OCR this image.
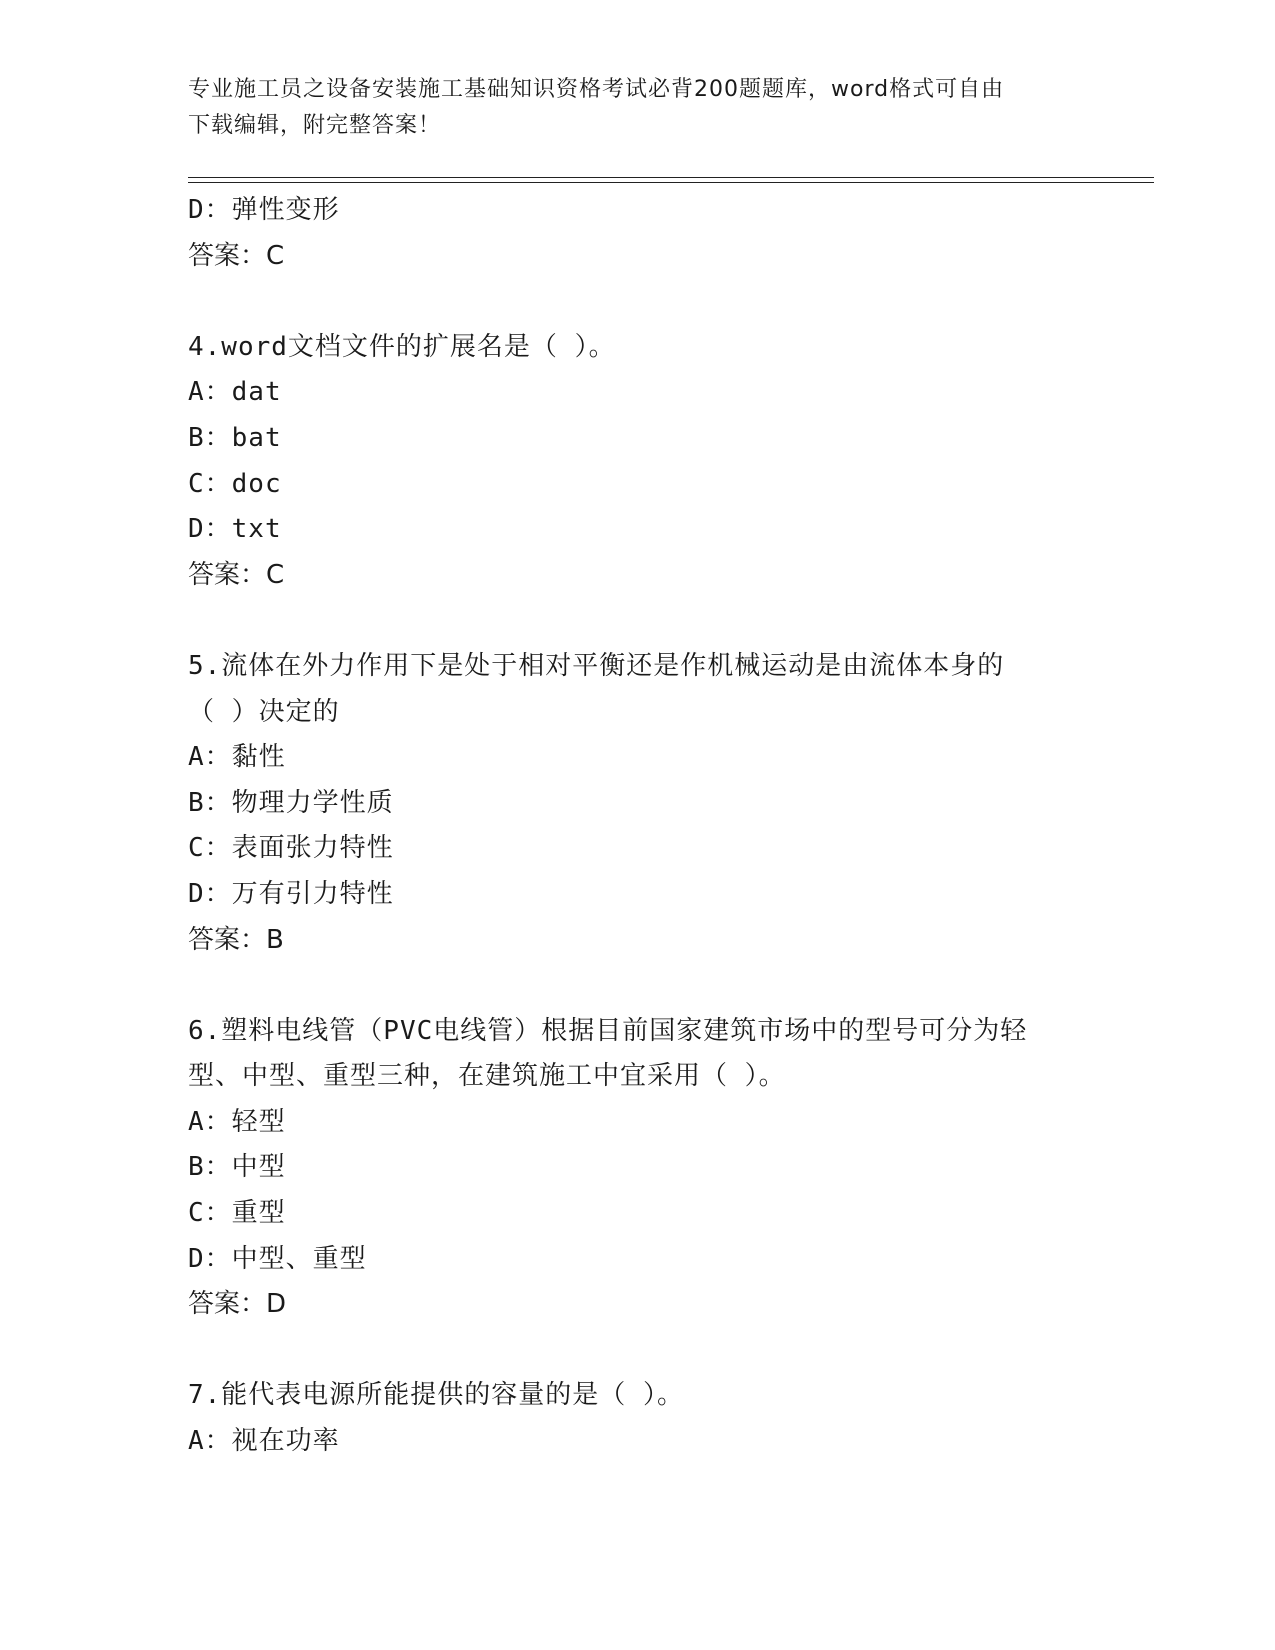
专业施工员之设备安装施工基础知识资格考试必背200题题库，word格式可自由
下载编辑，附完整答案！
D：弹性变形
答案：C
4.word文档文件的扩展名是（ ）。
A：dat
B：bat
C：doc
D：txt
答案：C
5.流体在外力作用下是处于相对平衡还是作机械运动是由流体本身的
（ ）决定的
A：黏性
B：物理力学性质
C：表面张力特性
D：万有引力特性
答案：B
6.塑料电线管（PVC电线管）根据目前国家建筑市场中的型号可分为轻
型、中型、重型三种，在建筑施工中宜采用（ ）。
A：轻型
B：中型
C：重型
D：中型、重型
答案：D
7.能代表电源所能提供的容量的是（ ）。
A：视在功率
